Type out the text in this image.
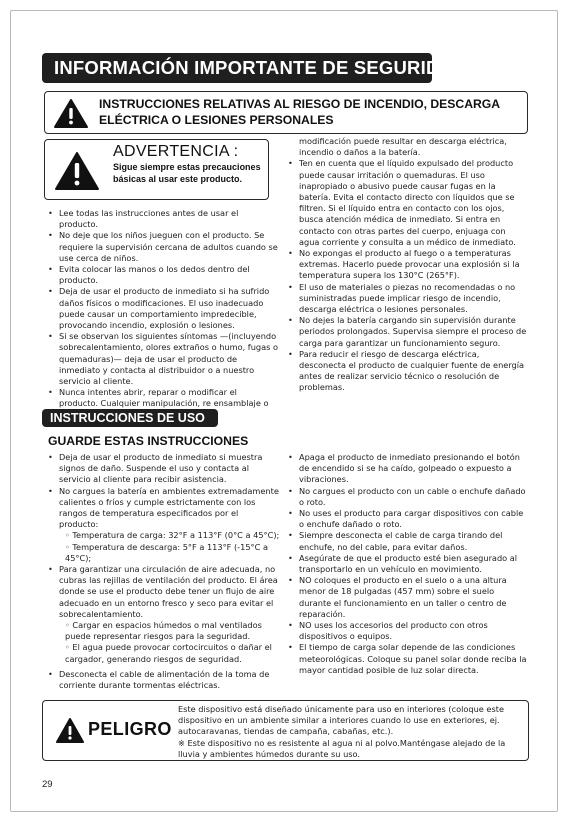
INFORMACIÓN IMPORTANTE DE SEGURIDAD
INSTRUCCIONES RELATIVAS AL RIESGO DE INCENDIO, DESCARGA ELÉCTRICA O LESIONES PERSONALES
ADVERTENCIA :
Sigue siempre estas precauciones básicas al usar este producto.
• Lee todas las instrucciones antes de usar el producto.
• No deje que los niños jueguen con el producto. Se requiere la supervisión cercana de adultos cuando se use cerca de niños.
• Evita colocar las manos o los dedos dentro del producto.
• Deja de usar el producto de inmediato si ha sufrido daños físicos o modificaciones. El uso inadecuado puede causar un comportamiento impredecible, provocando incendio, explosión o lesiones.
• Si se observan los siguientes síntomas —(incluyendo sobrecalentamiento, olores extraños o humo, fugas o quemaduras)— deja de usar el producto de inmediato y contacta al distribuidor o a nuestro servicio al cliente.
• Nunca intentes abrir, reparar o modificar el producto. Cualquier manipulación, re ensamblaje o
modificación puede resultar en descarga eléctrica, incendio o daños a la batería.
• Ten en cuenta que el líquido expulsado del producto puede causar irritación o quemaduras. El uso inapropiado o abusivo puede causar fugas en la batería. Evita el contacto directo con líquidos que se filtren. Si el líquido entra en contacto con los ojos, busca atención médica de inmediato. Si entra en contacto con otras partes del cuerpo, enjuaga con agua corriente y consulta a un médico de inmediato.
• No expongas el producto al fuego o a temperaturas extremas. Hacerlo puede provocar una explosión si la temperatura supera los 130°C (265°F).
• El uso de materiales o piezas no recomendadas o no suministradas puede implicar riesgo de incendio, descarga eléctrica o lesiones personales.
• No dejes la batería cargando sin supervisión durante periodos prolongados. Supervisa siempre el proceso de carga para garantizar un funcionamiento seguro.
• Para reducir el riesgo de descarga eléctrica, desconecta el producto de cualquier fuente de energía antes de realizar servicio técnico o resolución de problemas.
INSTRUCCIONES DE USO
GUARDE ESTAS INSTRUCCIONES
• Deja de usar el producto de inmediato si muestra signos de daño. Suspende el uso y contacta al servicio al cliente para recibir asistencia.
• No cargues la batería en ambientes extremadamente calientes o fríos y cumple estrictamente con los rangos de temperatura especificados por el producto:
◦ Temperatura de carga: 32°F a 113°F (0°C a 45°C);
◦ Temperatura de descarga: 5°F a 113°F (-15°C a 45°C);
• Para garantizar una circulación de aire adecuada, no cubras las rejillas de ventilación del producto. El área donde se use el producto debe tener un flujo de aire adecuado en un entorno fresco y seco para evitar el sobrecalentamiento.
◦ Cargar en espacios húmedos o mal ventilados puede representar riesgos para la seguridad.
◦ El agua puede provocar cortocircuitos o dañar el cargador, generando riesgos de seguridad.
• Desconecta el cable de alimentación de la toma de corriente durante tormentas eléctricas.
• Apaga el producto de inmediato presionando el botón de encendido si se ha caído, golpeado o expuesto a vibraciones.
• No cargues el producto con un cable o enchufe dañado o roto.
• No uses el producto para cargar dispositivos con cable o enchufe dañado o roto.
• Siempre desconecta el cable de carga tirando del enchufe, no del cable, para evitar daños.
• Asegúrate de que el producto esté bien asegurado al transportarlo en un vehículo en movimiento.
• NO coloques el producto en el suelo o a una altura menor de 18 pulgadas (457 mm) sobre el suelo durante el funcionamiento en un taller o centro de reparación.
• NO uses los accesorios del producto con otros dispositivos o equipos.
• El tiempo de carga solar depende de las condiciones meteorológicas. Coloque su panel solar donde reciba la mayor cantidad posible de luz solar directa.
PELIGRO
Este dispositivo está diseñado únicamente para uso en interiores (coloque este dispositivo en un ambiente similar a interiores cuando lo use en exteriores, ej. autocaravanas, tiendas de campaña, cabañas, etc.).
※ Este dispositivo no es resistente al agua ni al polvo.Manténgase alejado de la lluvia y ambientes húmedos durante su uso.
29
